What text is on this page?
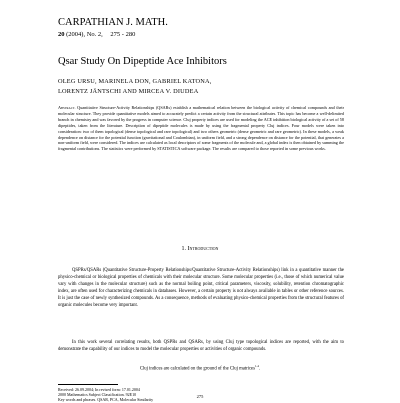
CARPATHIAN J. MATH.
20 (2004), No. 2, 275 - 280
Qsar Study On Dipeptide Ace Inhibitors
OLEG URSU, MARINELA DON, GABRIEL KATONA,
LORENTZ JÄNTSCHI AND MIRCEA V. DIUDEA
Abstract. Quantitative Structure-Activity Relationships (QSARs) establish a mathematical relation between the biological activity of chemical compounds and their molecular structure. They provide quantitative models aimed to accurately predict a certain activity from the structural attributes. This topic has become a well-delimited branch in chemistry and was favored by the progress in computer science. Cluj property indices are used for modeling the ACE inhibition biological activity of a set of 58 dipeptides, taken from the literature. Description of dipeptide molecules is made by using the fragmental property Cluj indices. Four models were taken into consideration: two of them topological (dense topological and rare topological) and two others geometric (dense geometric and rare geometric). In these models, a weak dependence on distance for the potential function (gravitational and Coulombian), in uniform field, and a strong dependence on distance for the potential, that generates a non-uniform field, were considered. The indices are calculated as local descriptors of some fragments of the molecule and, a global index is then obtained by summing the fragmental contributions. The statistics were performed by STATISTICA software package. The results are compared to those reported in some previous works.
1. Introduction
QSPRs/QSARs (Quantitative Structure-Property Relationships/Quantitative Structure-Activity Relationships) link in a quantitative manner the physico-chemical or biological properties of chemicals with their molecular structure. Some molecular properties (i.e., those of which numerical value vary with changes in the molecular structure) such as the normal boiling point, critical parameters, viscosity, solubility, retention chromatographic index, are often used for characterizing chemicals in databases. However, a certain property is not always available in tables or other reference sources. It is just the case of newly synthesized compounds. As a consequence, methods of evaluating physico-chemical properties from the structural features of organic molecules become very important.
In this work several correlating results, both QSPRs and QSARs, by using Cluj type topological indices are reported, with the aim to demonstrate the capability of our indices to model the molecular properties or activities of organic compounds.
Cluj indices are calculated on the ground of the Cluj matrices$^{1-4}$.
Received: 26.09.2004; In revised form: 17.01.2004
2000 Mathematics Subject Classification. 92E10
Key words and phrases. QSAR, PCA, Molecular Similarity
275
